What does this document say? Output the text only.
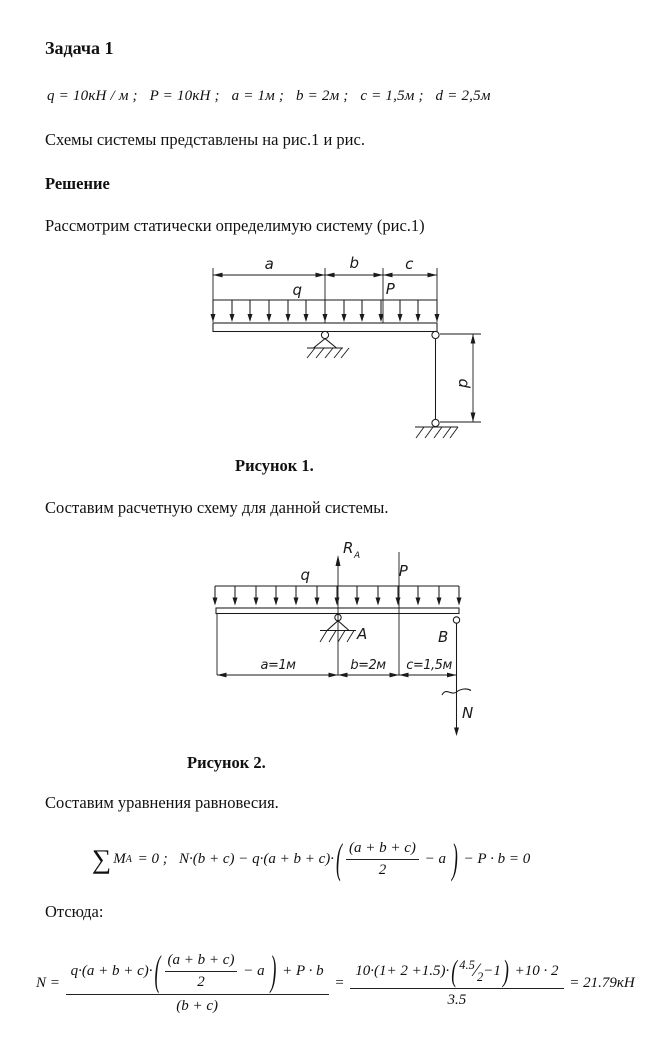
Задача 1
q = 10кН / м ;   P = 10кН ;   a = 1м ;   b = 2м ;   c = 1,5м ;   d = 2,5м
Схемы системы представлены на рис.1 и рис.
Решение
Рассмотрим статически определимую систему (рис.1)
a	b	c
q	P
d
Рисунок 1.
Составим расчетную схему для данной системы.
R A
q	P
A	B
a=1м	b=2м c=1,5м
N
Рисунок 2.
Составим уравнения равновесия.
∑ M A = 0 ; N·(b + c) − q·(a + b + c)· ( (a + b + c)
2
− a ) − P · b = 0
Отсюда:
N =
q·(a + b + c)· ( (a + b + c)
2
− a ) + P · b
(b + c)
=
10·(1+ 2 +1.5)· ( $^{4.5}⁄_2 -1$ ) +10 · 2
3.5
= 21.79кН
